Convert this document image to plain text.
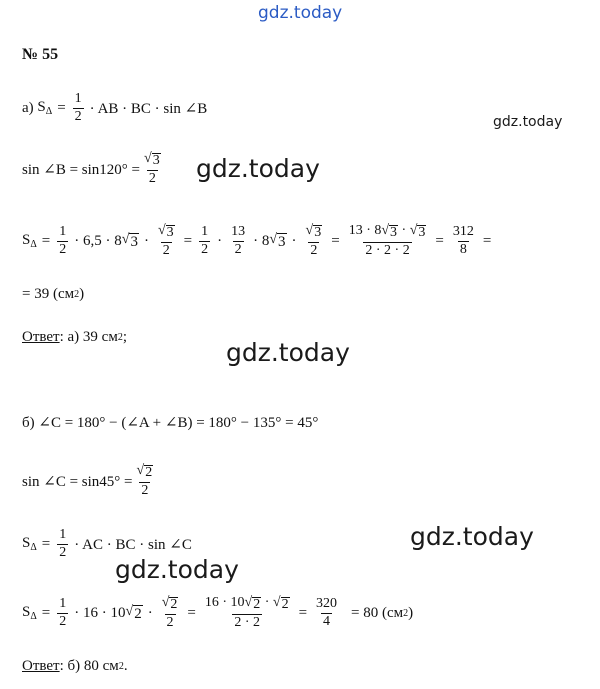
gdz.today
gdz.today
gdz.today
gdz.today
gdz.today
gdz.today
№ 55
а)
$S_\Delta = \frac{1}{2}$ · AB · BC · sin ∠B
sin ∠B = $\sin 120^\circ = \frac{√ 3}{2}$
$S_\Delta = \frac{1}{2} \cdot 6,5 \cdot 8$ √ $3 \cdot \frac{√ 3}{2} = \frac{1}{2} \cdot \frac{13}{2} \cdot 8$ √ $3 \cdot \frac{√ 3}{2} = \frac{13 \cdot 8 √ 3 \cdot √ 3}{2 \cdot 2 \cdot 2} = \frac{312}{8}$ =
= 39 (см 2 )
Ответ : а) 39 см 2 ;
б) ∠C = 180° − (∠A + ∠B) = 180° − 135° = 45°
sin ∠C = $\sin 45^\circ = \frac{√ 2}{2}$
$S_\Delta = \frac{1}{2}$ · AC · BC · sin ∠C
$S_\Delta = \frac{1}{2} \cdot 16 \cdot 10$ √ $2 \cdot \frac{√ 2}{2} = \frac{16 \cdot 10 √ 2 \cdot √ 2}{2 \cdot 2} = \frac{320}{4} = 80$ (см 2 )
Ответ : б) 80 см 2 .
